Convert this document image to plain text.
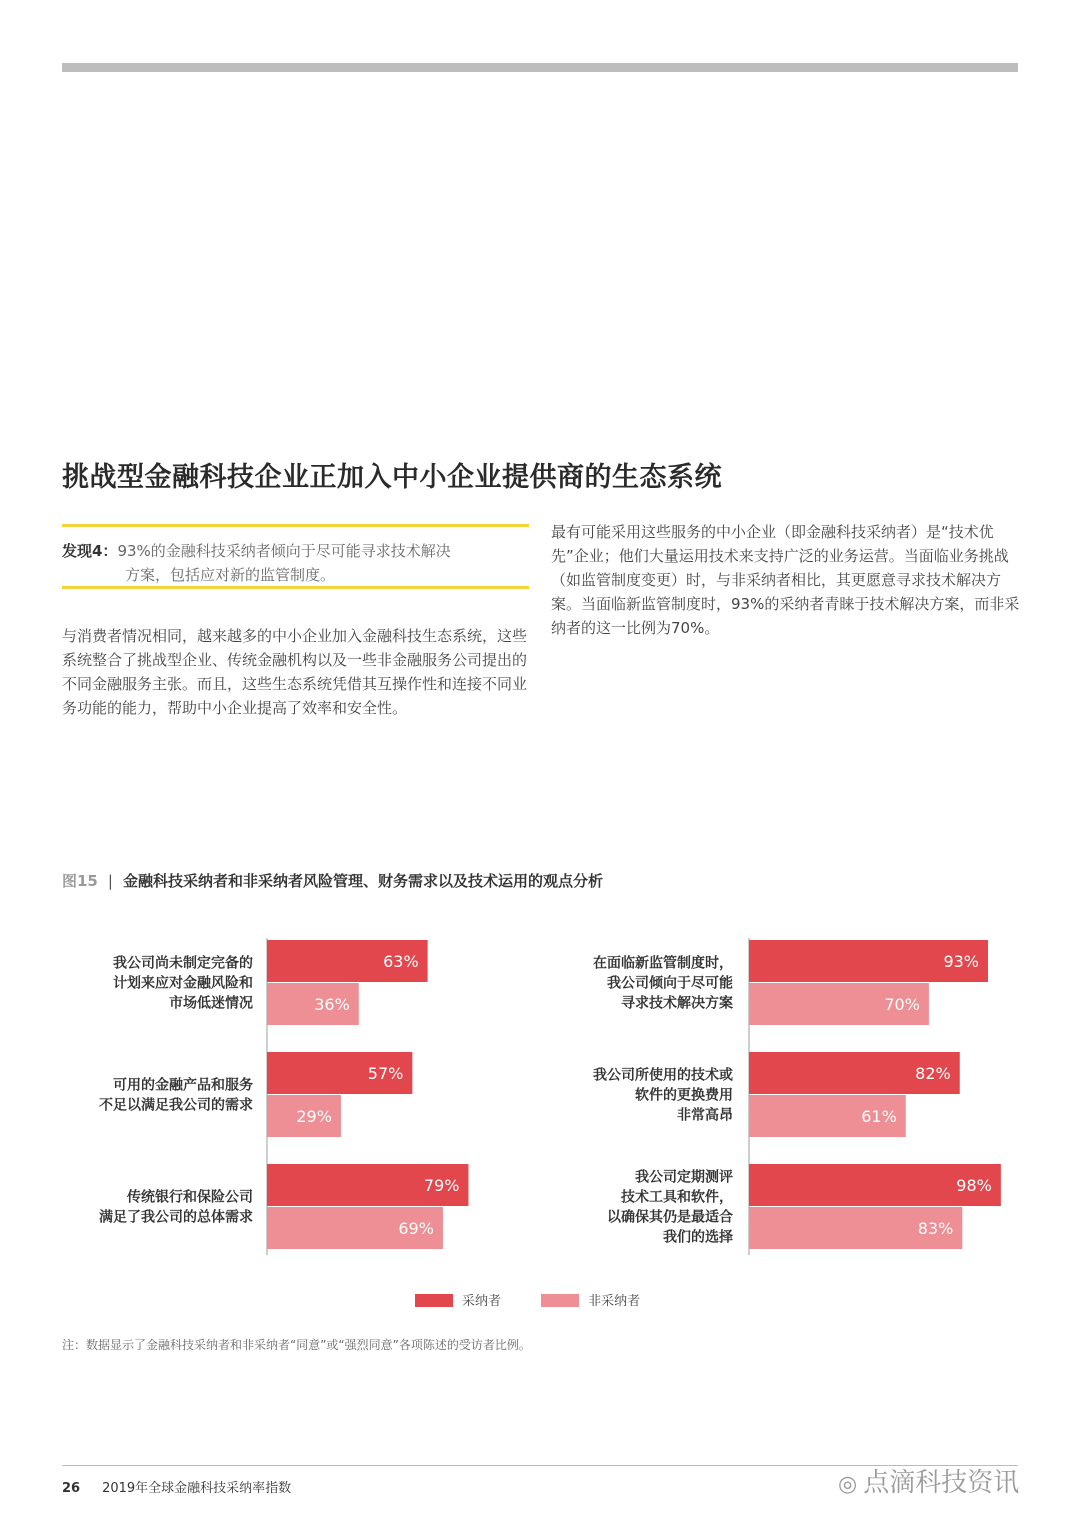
挑战型金融科技企业正加入中小企业提供商的生态系统
发现4：93%的金融科技采纳者倾向于尽可能寻求技术解决
方案，包括应对新的监管制度。

与消费者情况相同，越来越多的中小企业加入金融科技生态系统，这些系统整合了挑战型企业、传统金融机构以及一些非金融服务公司提出的不同金融服务主张。而且，这些生态系统凭借其互操作性和连接不同业务功能的能力，帮助中小企业提高了效率和安全性。

最有可能采用这些服务的中小企业（即金融科技采纳者）是“技术优先”企业；他们大量运用技术来支持广泛的业务运营。当面临业务挑战（如监管制度变更）时，与非采纳者相比，其更愿意寻求技术解决方案。当面临新监管制度时，93%的采纳者青睐于技术解决方案，而非采纳者的这一比例为70%。

图15 | 金融科技采纳者和非采纳者风险管理、财务需求以及技术运用的观点分析
我公司尚未制定完备的
计划来应对金融风险和
市场低迷情况
63%
36%
可用的金融产品和服务
不足以满足我公司的需求
57%
29%
传统银行和保险公司
满足了我公司的总体需求
79%
69%
在面临新监管制度时，
我公司倾向于尽可能
寻求技术解决方案
93%
70%
我公司所使用的技术或
软件的更换费用
非常高昂
82%
61%
我公司定期测评
技术工具和软件，
以确保其仍是最适合
我们的选择
98%
83%
采纳者	非采纳者
注：数据显示了金融科技采纳者和非采纳者“同意”或“强烈同意”各项陈述的受访者比例。
26 2019年全球金融科技采纳率指数	◎ 点滴科技资讯
